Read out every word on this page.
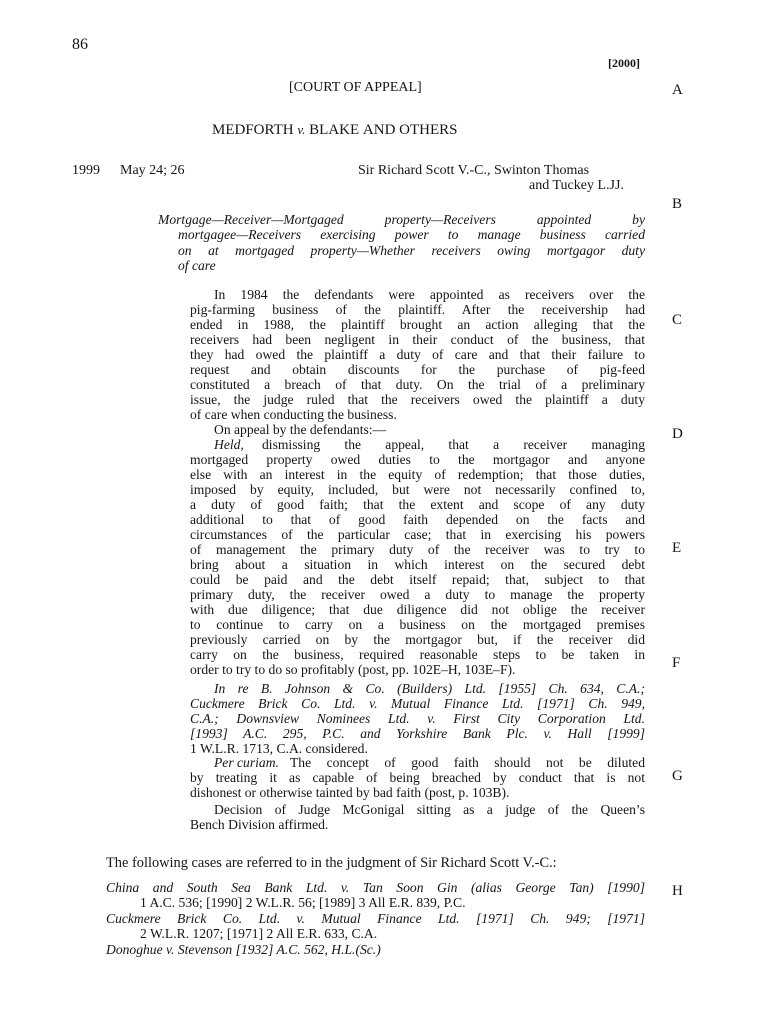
86
[2000]
[COURT OF APPEAL]	A
B
C
D
E
F
G
H
MEDFORTH v. BLAKE AND OTHERS
1999 May 24; 26	Sir Richard Scott V.-C., Swinton Thomas
and Tuckey L.JJ.
Mortgage—Receiver—Mortgaged property—Receivers appointed by
mortgagee—Receivers exercising power to manage business carried
on at mortgaged property—Whether receivers owing mortgagor duty
of care
In 1984 the defendants were appointed as receivers over the
pig-farming business of the plaintiff. After the receivership had
ended in 1988, the plaintiff brought an action alleging that the
receivers had been negligent in their conduct of the business, that
they had owed the plaintiff a duty of care and that their failure to
request and obtain discounts for the purchase of pig-feed
constituted a breach of that duty. On the trial of a preliminary
issue, the judge ruled that the receivers owed the plaintiff a duty
of care when conducting the business.
On appeal by the defendants:—
Held, dismissing the appeal, that a receiver managing
mortgaged property owed duties to the mortgagor and anyone
else with an interest in the equity of redemption; that those duties,
imposed by equity, included, but were not necessarily confined to,
a duty of good faith; that the extent and scope of any duty
additional to that of good faith depended on the facts and
circumstances of the particular case; that in exercising his powers
of management the primary duty of the receiver was to try to
bring about a situation in which interest on the secured debt
could be paid and the debt itself repaid; that, subject to that
primary duty, the receiver owed a duty to manage the property
with due diligence; that due diligence did not oblige the receiver
to continue to carry on a business on the mortgaged premises
previously carried on by the mortgagor but, if the receiver did
carry on the business, required reasonable steps to be taken in
order to try to do so profitably (post, pp. 102E–H, 103E–F).
In re B. Johnson & Co. (Builders) Ltd. [1955] Ch. 634, C.A.;
Cuckmere Brick Co. Ltd. v. Mutual Finance Ltd. [1971] Ch. 949,
C.A.; Downsview Nominees Ltd. v. First City Corporation Ltd.
[1993] A.C. 295, P.C. and Yorkshire Bank Plc. v. Hall [1999]
1 W.L.R. 1713, C.A. considered.
Per curiam. The concept of good faith should not be diluted
by treating it as capable of being breached by conduct that is not
dishonest or otherwise tainted by bad faith (post, p. 103B).
Decision of Judge McGonigal sitting as a judge of the Queen’s
Bench Division affirmed.
The following cases are referred to in the judgment of Sir Richard Scott V.-C.:
China and South Sea Bank Ltd. v. Tan Soon Gin (alias George Tan) [1990]
1 A.C. 536; [1990] 2 W.L.R. 56; [1989] 3 All E.R. 839, P.C.
Cuckmere Brick Co. Ltd. v. Mutual Finance Ltd. [1971] Ch. 949; [1971]
2 W.L.R. 1207; [1971] 2 All E.R. 633, C.A.
Donoghue v. Stevenson [1932] A.C. 562, H.L.(Sc.)
